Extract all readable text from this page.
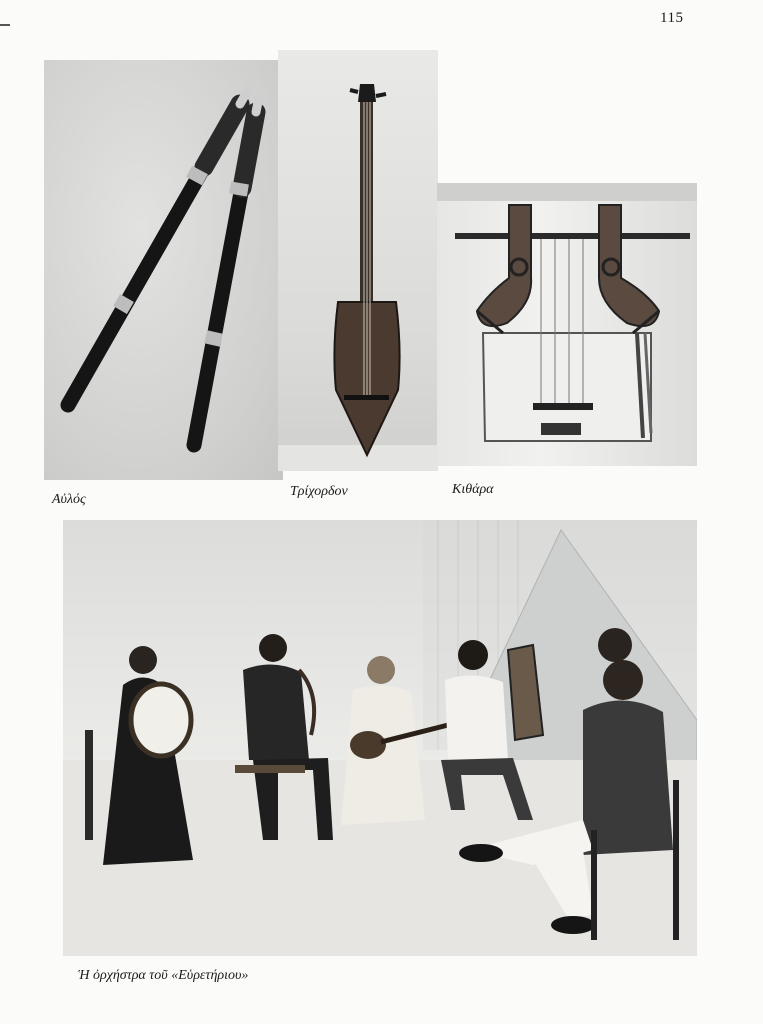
115
Αὐλός
Τρίχορδον	Κιθάρα
Ἡ ὀρχήστρα τοῦ «Εὑρετήριου»
